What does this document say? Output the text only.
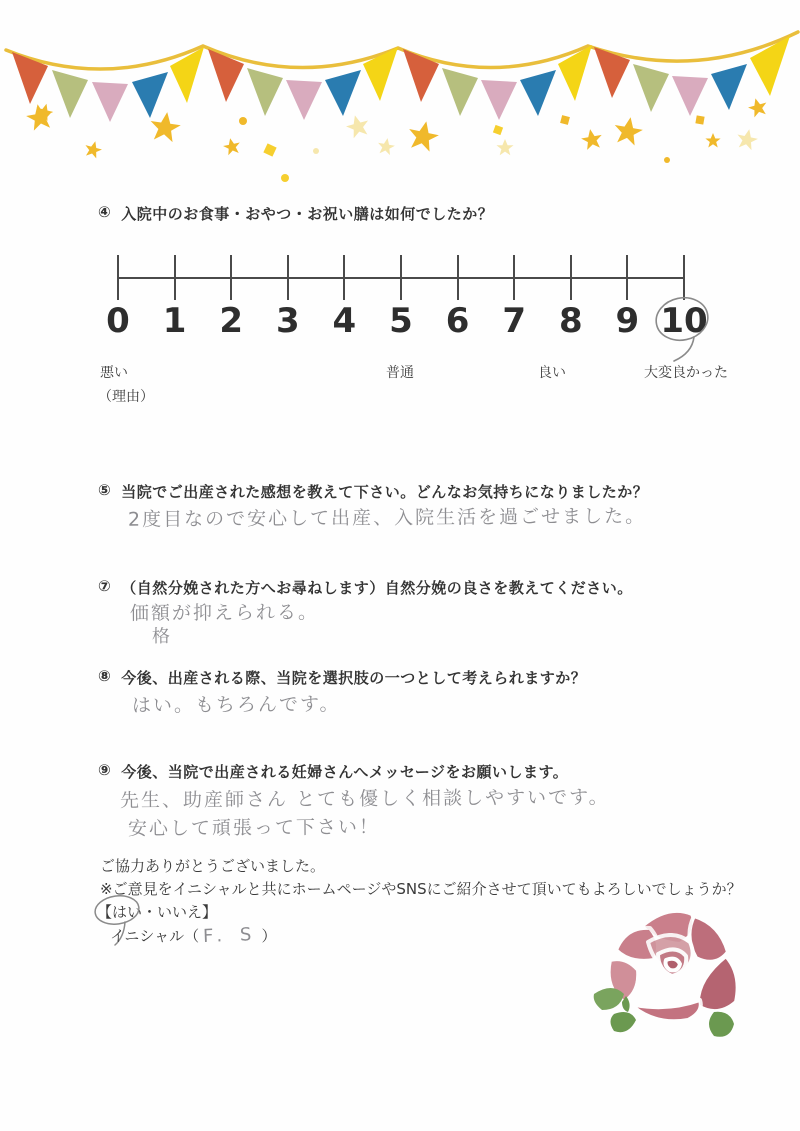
④ 入院中のお食事・おやつ・お祝い膳は如何でしたか？
0 1 2 3 4 5 6 7 8 9 10
悪い	普通	良い	大変良かった
（理由）
⑤ 当院でご出産された感想を教えて下さい。どんなお気持ちになりましたか？
2度目なので安心して出産、入院生活を過ごせました。
⑦ （自然分娩された方へお尋ねします）自然分娩の良さを教えてください。
価額が抑えられる。
格
⑧ 今後、出産される際、当院を選択肢の一つとして考えられますか？
はい。もちろんです。
⑨ 今後、当院で出産される妊婦さんへメッセージをお願いします。
先生、助産師さん とても優しく相談しやすいです。
安心して頑張って下さい！
ご協力ありがとうございました。
※ご意見をイニシャルと共にホームページやSNSにご紹介させて頂いてもよろしいでしょうか？
【はい・いいえ】
イニシャル（ F. S ）
